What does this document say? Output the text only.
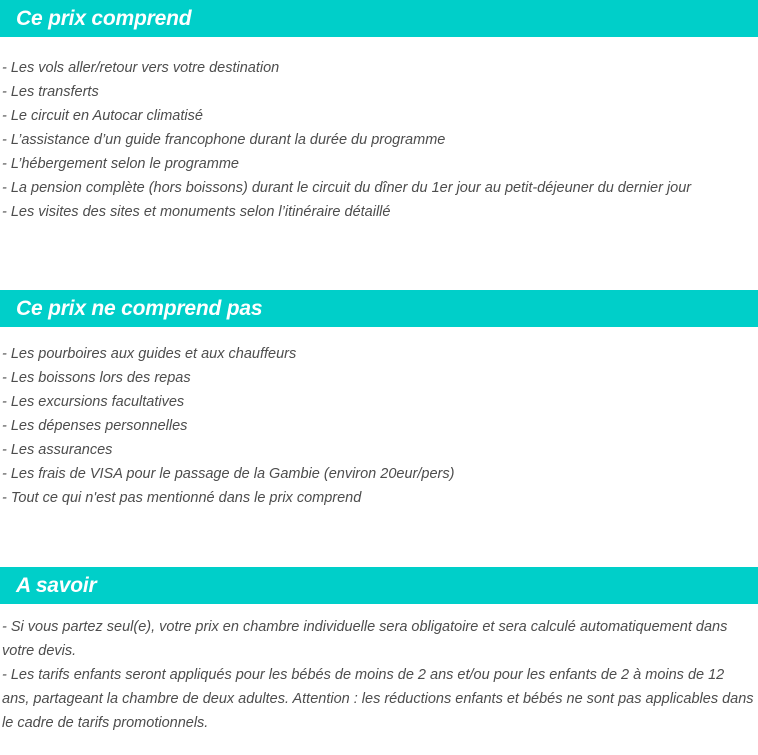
Ce prix comprend
- Les vols aller/retour vers votre destination
- Les transferts
- Le circuit en Autocar climatisé
- L’assistance d’un guide francophone durant la durée du programme
- L’hébergement selon le programme
- La pension complète (hors boissons) durant le circuit du dîner du 1er jour au petit-déjeuner du dernier jour
- Les visites des sites et monuments selon l’itinéraire détaillé
Ce prix ne comprend pas
- Les pourboires aux guides et aux chauffeurs
- Les boissons lors des repas
- Les excursions facultatives
- Les dépenses personnelles
- Les assurances
- Les frais de VISA pour le passage de la Gambie (environ 20eur/pers)
- Tout ce qui n'est pas mentionné dans le prix comprend
A savoir

- Si vous partez seul(e), votre prix en chambre individuelle sera obligatoire et sera calculé automatiquement dans votre devis.

- Les tarifs enfants seront appliqués pour les bébés de moins de 2 ans et/ou pour les enfants de 2 à moins de 12 ans, partageant la chambre de deux adultes. Attention : les réductions enfants et bébés ne sont pas applicables dans le cadre de tarifs promotionnels.
